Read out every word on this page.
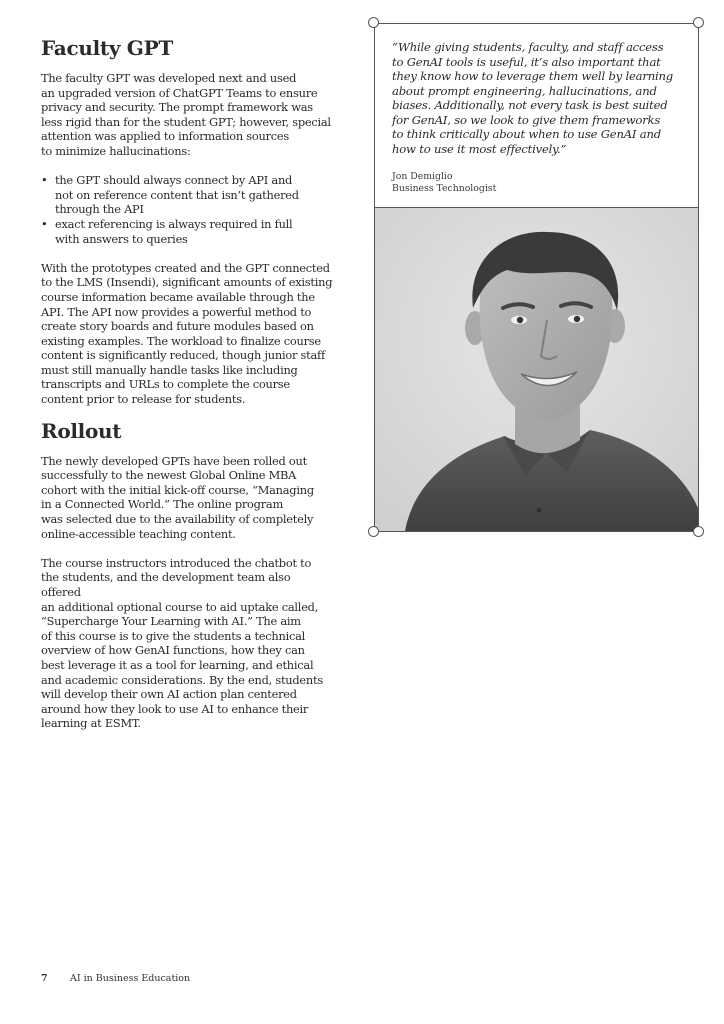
Faculty GPT

The faculty GPT was developed next and used
an upgraded version of ChatGPT Teams to ensure
privacy and security. The prompt framework was
less rigid than for the student GPT; however, special
attention was applied to information sources
to minimize hallucinations:

• the GPT should always connect by API and
not on reference content that isn’t gathered
through the API
• exact referencing is always required in full
with answers to queries

With the prototypes created and the GPT connected
to the LMS (Insendi), significant amounts of existing
course information became available through the
API. The API now provides a powerful method to
create story boards and future modules based on
existing examples. The workload to finalize course
content is significantly reduced, though junior staff
must still manually handle tasks like including
transcripts and URLs to complete the course
content prior to release for students.

Rollout

The newly developed GPTs have been rolled out
successfully to the newest Global Online MBA
cohort with the initial kick-off course, “Managing
in a Connected World.” The online program
was selected due to the availability of completely
online-accessible teaching content.

The course instructors introduced the chatbot to
the students, and the development team also offered
an additional optional course to aid uptake called,
“Supercharge Your Learning with AI.” The aim
of this course is to give the students a technical
overview of how GenAI functions, how they can
best leverage it as a tool for learning, and ethical
and academic considerations. By the end, students
will develop their own AI action plan centered
around how they look to use AI to enhance their
learning at ESMT.

“While giving students, faculty, and staff access
to GenAI tools is useful, it’s also important that
they know how to leverage them well by learning
about prompt engineering, hallucinations, and
biases. Additionally, not every task is best suited
for GenAI, so we look to give them frameworks
to think critically about when to use GenAI and
how to use it most effectively.”
Jon Demiglio
Business Technologist
7 AI in Business Education
